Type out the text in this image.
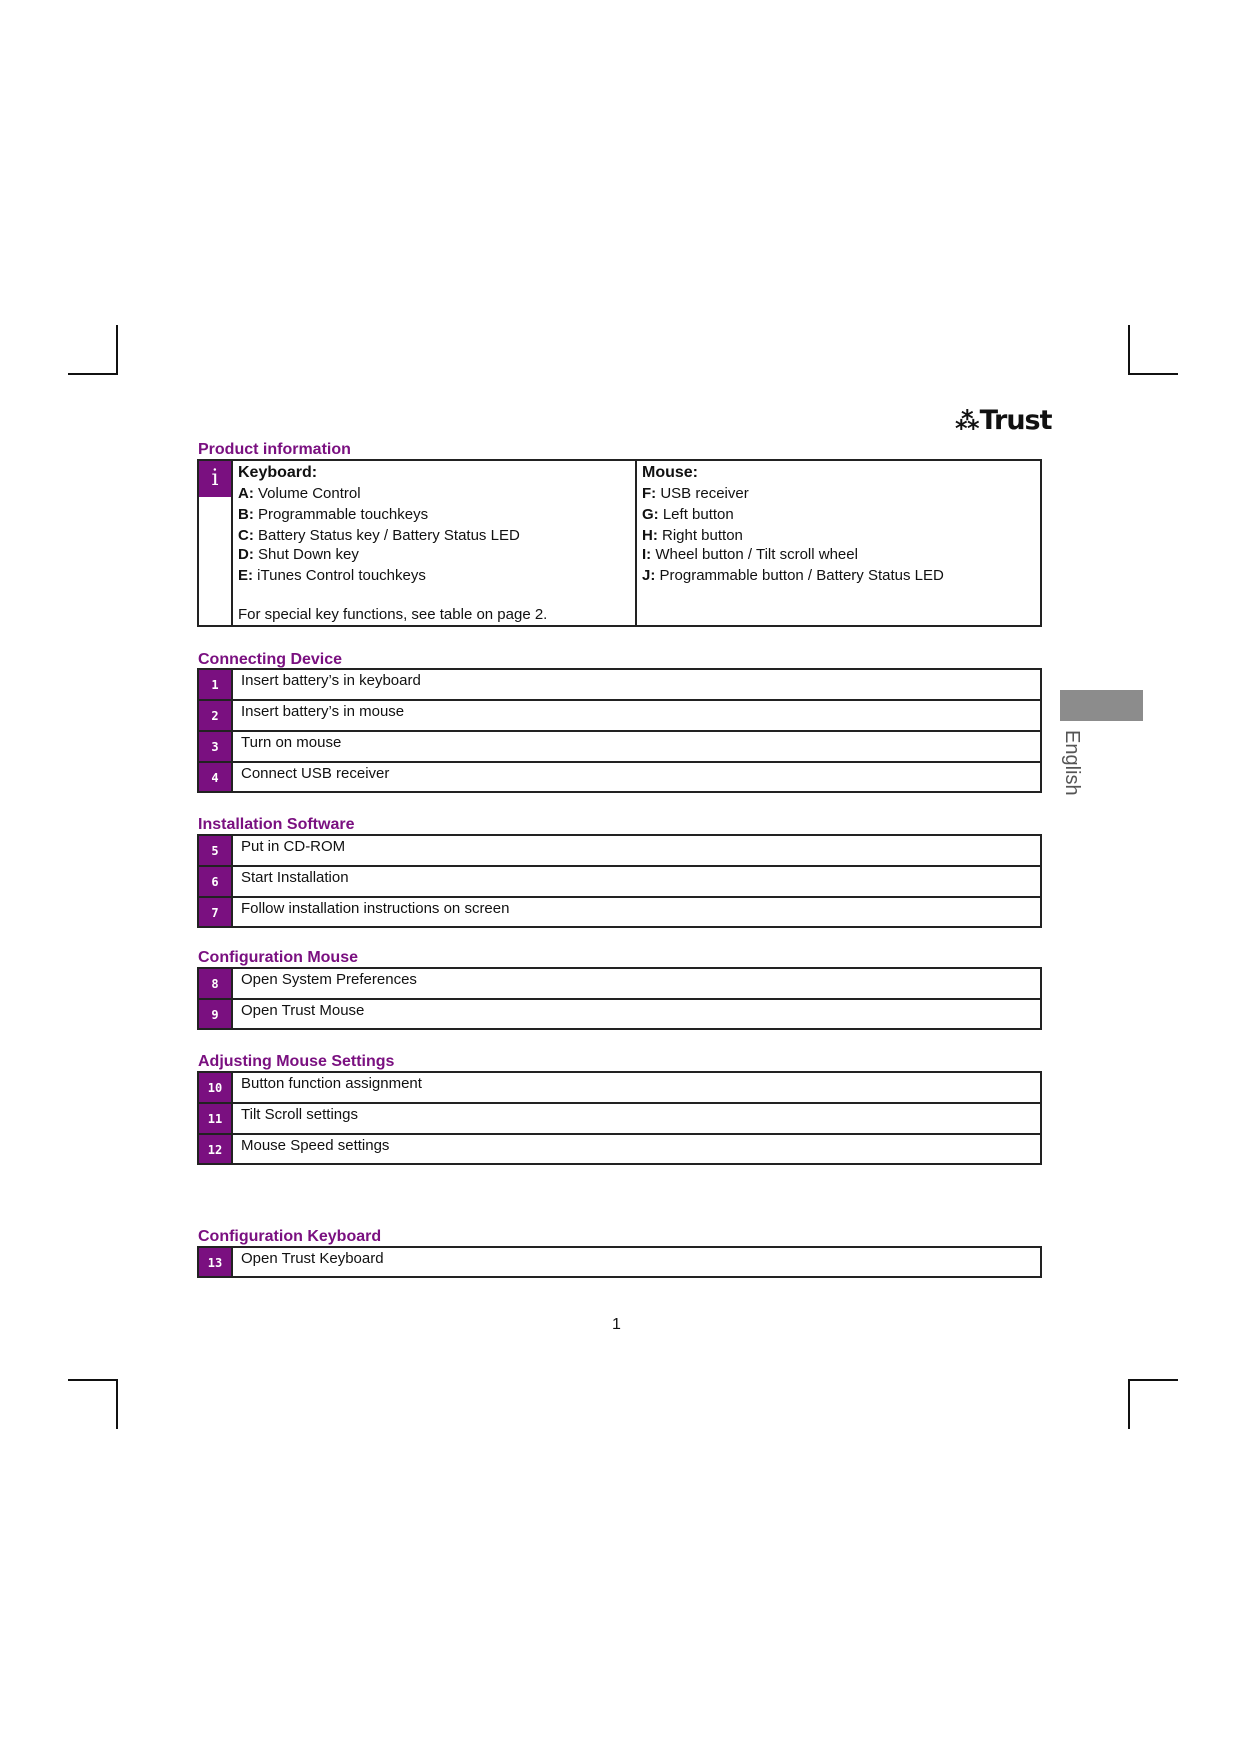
⁂Trust
Product information
i	Keyboard:
A: Volume Control
B: Programmable touchkeys
C: Battery Status key / Battery Status LED
D: Shut Down key
E: iTunes Control touchkeys
For special key functions, see table on page 2.
Mouse:
F: USB receiver
G: Left button
H: Right button
I: Wheel button / Tilt scroll wheel
J: Programmable button / Battery Status LED
Connecting Device
1	Insert battery’s in keyboard
2	Insert battery’s in mouse
3	Turn on mouse
4	Connect USB receiver
Installation Software
5	Put in CD-ROM
6	Start Installation
7	Follow installation instructions on screen
Configuration Mouse
8	Open System Preferences
9	Open Trust Mouse
Adjusting Mouse Settings
10	Button function assignment
11	Tilt Scroll settings
12	Mouse Speed settings
Configuration Keyboard
13	Open Trust Keyboard
English
1
